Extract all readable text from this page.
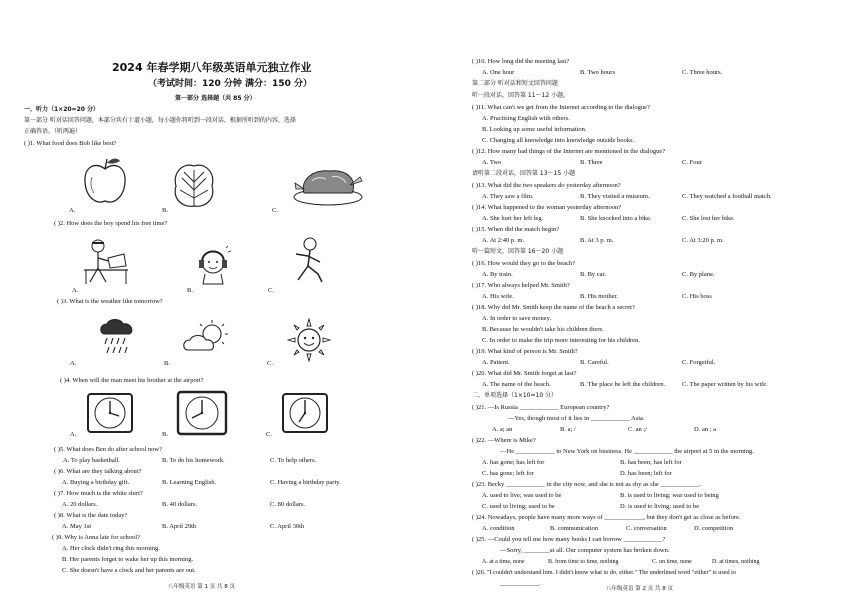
2024 年春学期八年级英语单元独立作业
（考试时间：120 分钟 满分：150 分）
第一部分 选择题（共 85 分）
一、听力（1×20=20 分）
第一部分 听对话回答问题，本部分共有十道小题，每小题你将听到一段对话，根据所听到的内容，选择
正确答语。（听两遍）
( )1. What food does Bob like best?
A.	B.	C.
( )2. How does the boy spend his free time?
A.	B.	C.
( )3. What is the weather like tomorrow?
A.	B.	C.
( )4. When will the man meet his brother at the airport?
A.	B.	C.
( )5. What does Ben do after school now?
A. To play basketball.	B. To do his homework.	C. To help others.
( )6. What are they talking about?
A. Buying a birthday gift.	B. Learning English.	C. Having a birthday party.
( )7. How much is the white shirt?
A. 20 dollars.	B. 40 dollars.	C. 80 dollars.
( )8. What is the date today?
A. May 1st	B. April 29th	C. April 30th
( )9. Why is Anna late for school?
A. Her clock didn't ring this morning.
B. Her parents forget to wake her up this morning.
C. She doesn't have a clock and her parents are out.
八年级英语 第 1 页 共 8 页
( )10. How long did the meeting last?
A. One hour	B. Two hours	C. Three hours.
第二部分 听对话和短文回答问题
听一段对话，回答第 11～12 小题。
( )11. What can't we get from the Internet according to the dialogue?
A. Practising English with others.
B. Looking up some useful information.
C. Changing all knowledge into knowledge outside books.
( )12. How many bad things of the Internet are mentioned in the dialogue?
A. Two	B. Three	C. Four
请听第二段对话，回答第 13～15 小题
( )13. What did the two speakers do yesterday afternoon?
A. They saw a film.	B. They visited a museum.	C. They watched a football match.
( )14. What happened to the woman yesterday afternoon?
A. She hurt her left leg.	B. She knocked into a bike.	C. She lost her bike.
( )15. When did the match begin?
A. At 2:40 p. m.	B. At 3 p. m.	C. At 3:20 p. m.
听一篇短文，回答第 16～20 小题
( )16. How would they go to the beach?
A. By train.	B. By car.	C. By plane.
( )17. Who always helped Mr. Smith?
A. His wife.	B. His mother.	C. His boss
( )18. Why did Mr. Smith keep the name of the beach a secret?
A. In order to save money.
B. Because he wouldn't take his children there.
C. In order to make the trip more interesting for his children.
( )19. What kind of person is Mr. Smith?
A. Patient.	B. Careful.	C. Forgetful.
( )20. What did Mr. Smith forget at last?
A. The name of the beach.	B. The place he left the children.	C. The paper written by his wife.
二、单项选择（1×10=10 分）
( )21. —Is Russia ____________ European country?
—Yes, though most of it lies in ____________ Asia.
A. a; an	B. a; /	C. an ;/	D. an ; a
( )22. —Where is Mike?
—He ____________ to New York on business. He ____________ the airport at 5 in the morning.
A. has gone; has left for	B. has been; has left for
C. has gone; left for	D. has been; left for
( )23. Becky ____________ in the city now, and she is not as shy as she ____________.
A. used to live; was used to be	B. is used to living; was used to being
C. used to living; used to be	D. is used to living; used to be
( )24. Nowadays, people have many more ways of ____________, but they don't get as close as before.
A. condition	B. communication	C. conversation	D. competition
( )25. —Could you tell me how many books I can borrow ____________?
—Sorry, ________at all. Our computer system has broken down.
A. at a time, none	B. from time to time, nothing	C. on time, none	D. at times, nothing
( )26. "I couldn't understand him. I didn't know what to do, either." The underlined word "either" is used to
____________.
八年级英语 第 2 页 共 8 页
